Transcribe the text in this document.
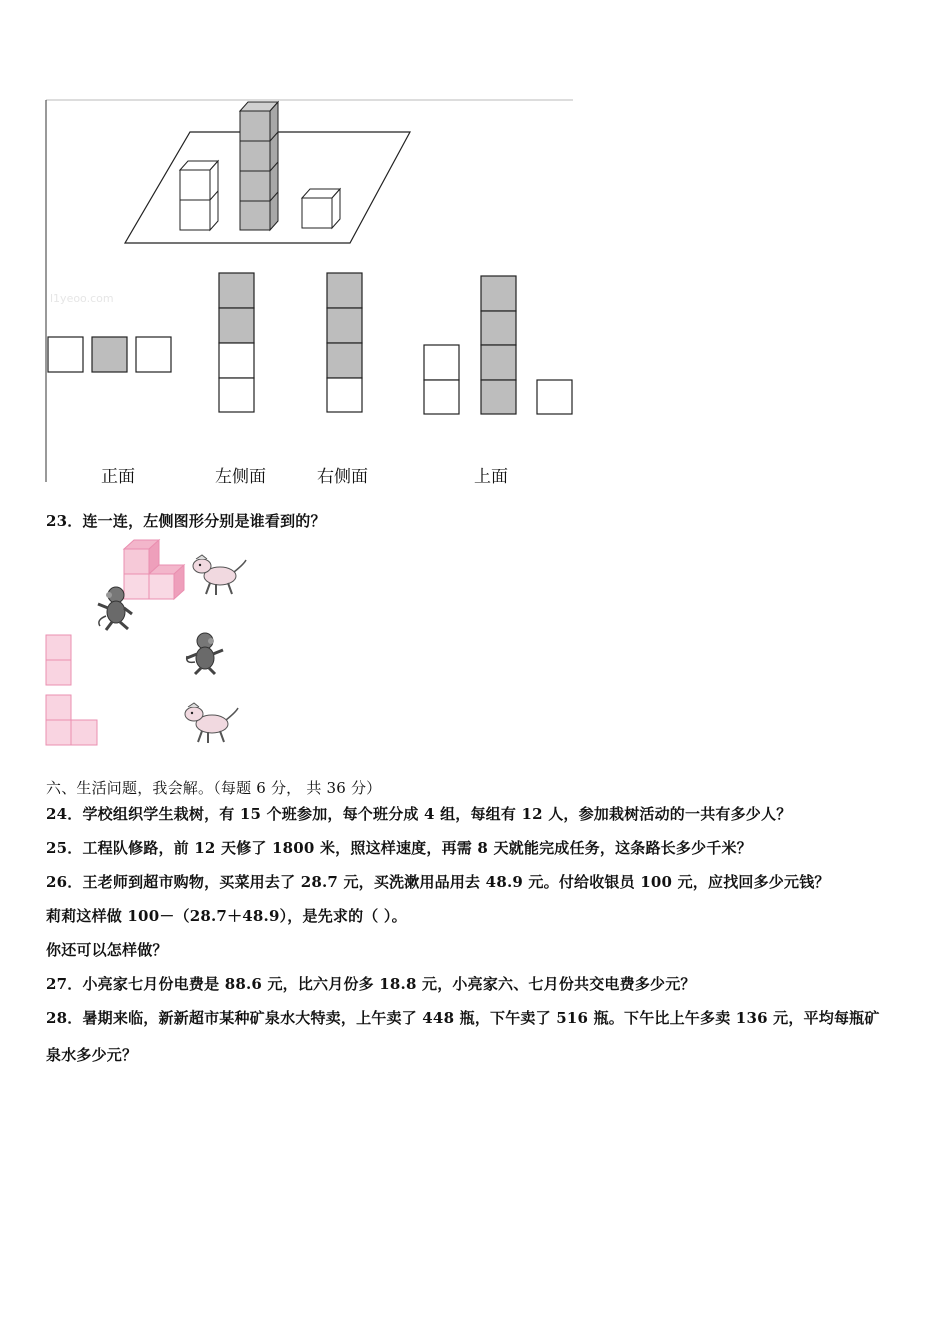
l1yeoo.com
正面	左侧面	右侧面	上面
23．连一连，左侧图形分别是谁看到的？
六、生活问题，我会解。（每题 6 分， 共 36 分）
24．学校组织学生栽树，有 15 个班参加，每个班分成 4 组，每组有 12 人，参加栽树活动的一共有多少人？
25．工程队修路，前 12 天修了 1800 米，照这样速度，再需 8 天就能完成任务，这条路长多少千米？
26．王老师到超市购物，买菜用去了 28.7 元，买洗漱用品用去 48.9 元。付给收银员 100 元，应找回多少元钱？
莉莉这样做 100－（28.7＋48.9），是先求的（ ）。
你还可以怎样做？
27．小亮家七月份电费是 88.6 元，比六月份多 18.8 元，小亮家六、七月份共交电费多少元？
28．暑期来临，新新超市某种矿泉水大特卖，上午卖了 448 瓶，下午卖了 516 瓶。下午比上午多卖 136 元，平均每瓶矿
泉水多少元？
